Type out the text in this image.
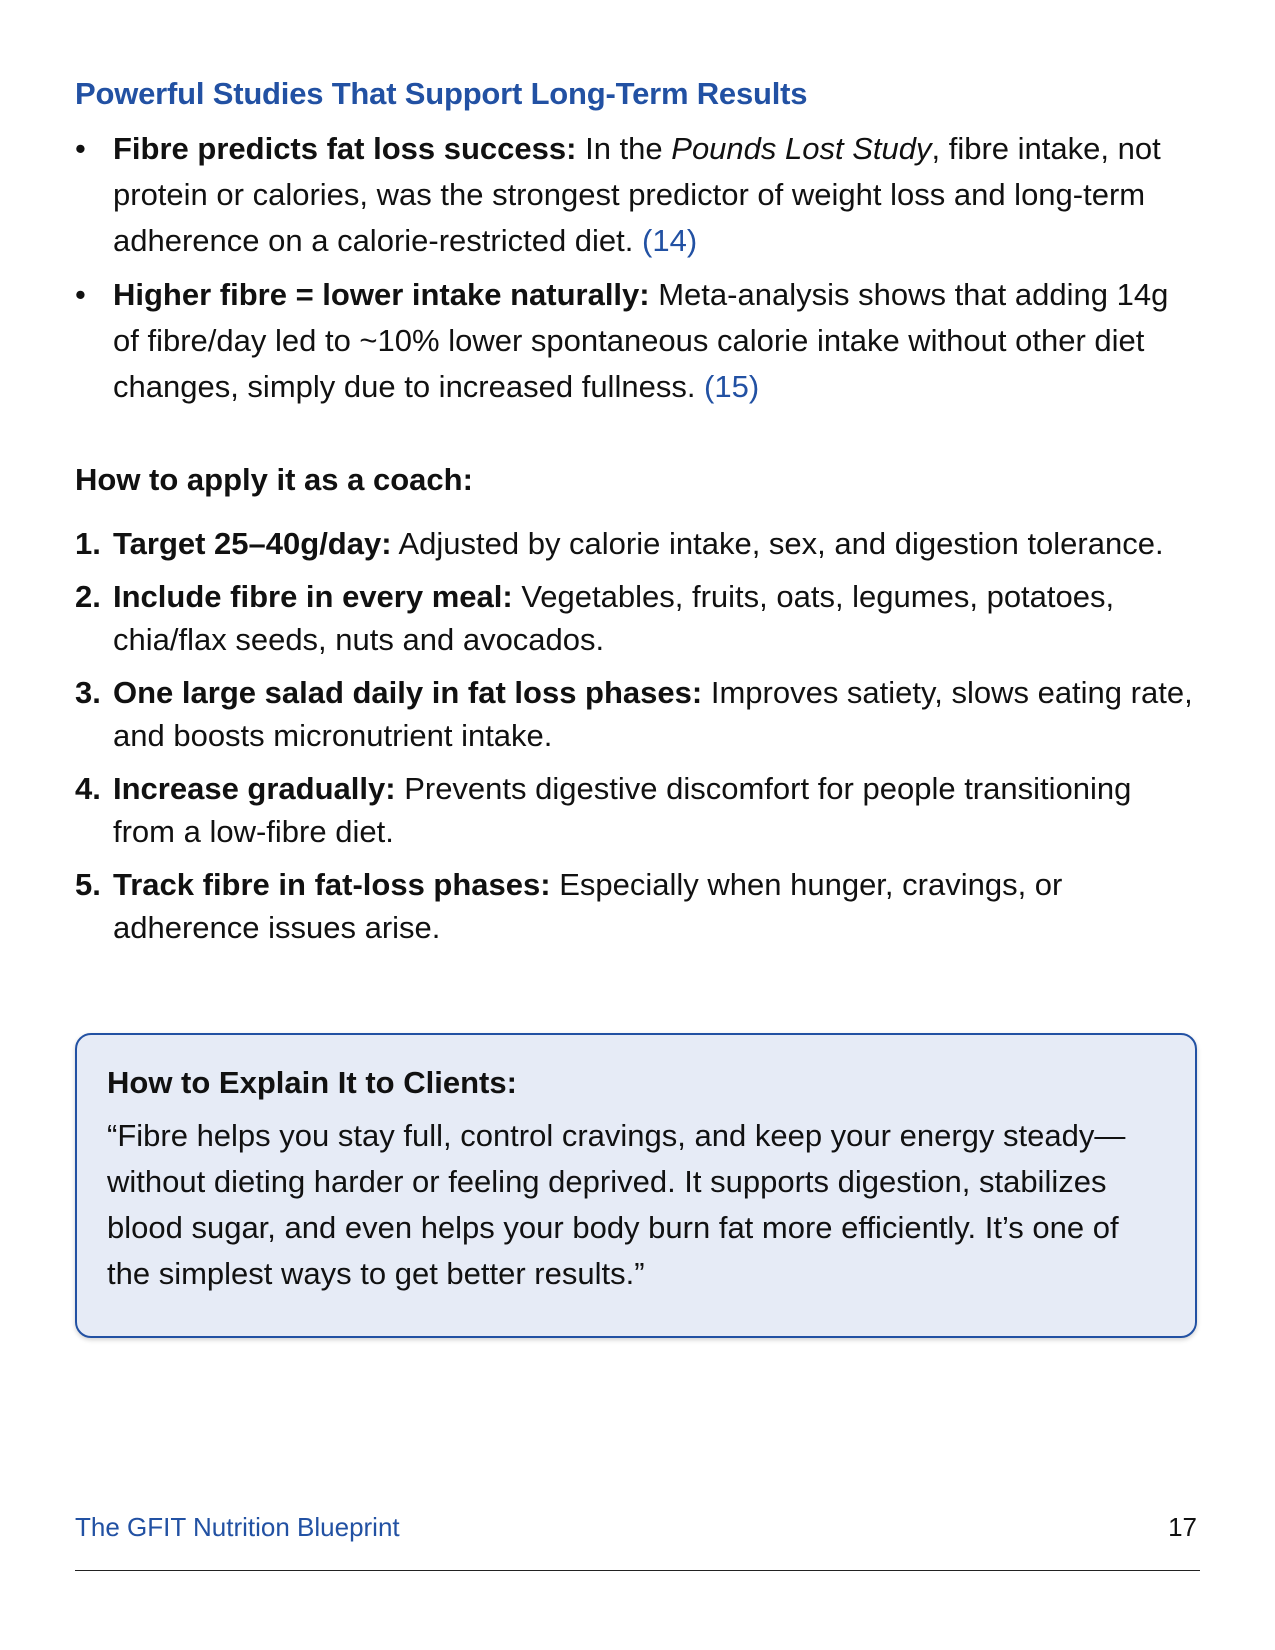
Powerful Studies That Support Long-Term Results
• Fibre predicts fat loss success: In the Pounds Lost Study, fibre intake, not protein or calories, was the strongest predictor of weight loss and long-term adherence on a calorie-restricted diet. (14)
• Higher fibre = lower intake naturally: Meta-analysis shows that adding 14g of fibre/day led to ~10% lower spontaneous calorie intake without other diet changes, simply due to increased fullness. (15)
How to apply it as a coach:
1. Target 25–40g/day: Adjusted by calorie intake, sex, and digestion tolerance.
2. Include fibre in every meal: Vegetables, fruits, oats, legumes, potatoes, chia/flax seeds, nuts and avocados.
3. One large salad daily in fat loss phases: Improves satiety, slows eating rate, and boosts micronutrient intake.
4. Increase gradually: Prevents digestive discomfort for people transitioning from a low-fibre diet.
5. Track fibre in fat-loss phases: Especially when hunger, cravings, or adherence issues arise.
How to Explain It to Clients:

“Fibre helps you stay full, control cravings, and keep your energy steady—without dieting harder or feeling deprived. It supports digestion, stabilizes blood sugar, and even helps your body burn fat more efficiently. It’s one of the simplest ways to get better results.”

The GFIT Nutrition Blueprint	17
